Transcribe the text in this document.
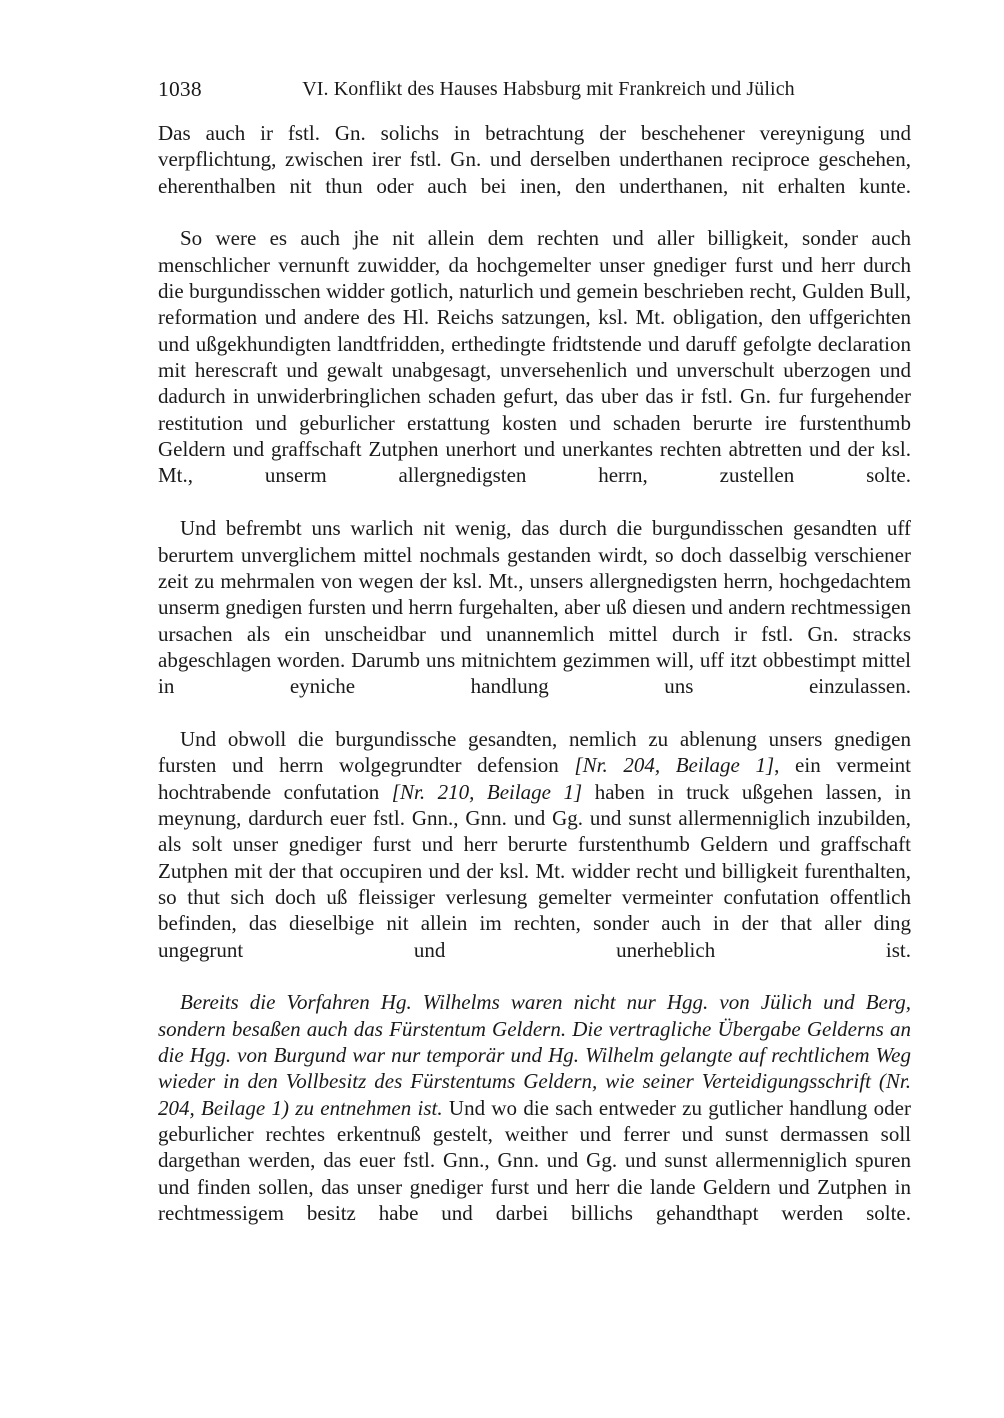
1038	VI. Konflikt des Hauses Habsburg mit Frankreich und Jülich

Das auch ir fstl. Gn. solichs in betrachtung der beschehener vereynigung und verpflichtung, zwischen irer fstl. Gn. und derselben underthanen reciproce geschehen, eherenthalben nit thun oder auch bei inen, den underthanen, nit erhalten kunte.

So were es auch jhe nit allein dem rechten und aller billigkeit, sonder auch menschlicher vernunft zuwidder, da hochgemelter unser gnediger furst und herr durch die burgundisschen widder gotlich, naturlich und gemein beschrieben recht, Gulden Bull, reformation und andere des Hl. Reichs satzungen, ksl. Mt. obligation, den uffgerichten und ußgekhundigten landtfridden, erthedingte fridtstende und daruff gefolgte declaration mit herescraft und gewalt unabgesagt, unversehenlich und unverschult uberzogen und dadurch in unwiderbringlichen schaden gefurt, das uber das ir fstl. Gn. fur furgehender restitution und geburlicher erstattung kosten und schaden berurte ire furstenthumb Geldern und graffschaft Zutphen unerhort und unerkantes rechten abtretten und der ksl. Mt., unserm allergnedigsten herrn, zustellen solte.

Und befrembt uns warlich nit wenig, das durch die burgundisschen gesandten uff berurtem unverglichem mittel nochmals gestanden wirdt, so doch dasselbig verschiener zeit zu mehrmalen von wegen der ksl. Mt., unsers allergnedigsten herrn, hochgedachtem unserm gnedigen fursten und herrn furgehalten, aber uß diesen und andern rechtmessigen ursachen als ein unscheidbar und unannemlich mittel durch ir fstl. Gn. stracks abgeschlagen worden. Darumb uns mitnichtem gezimmen will, uff itzt obbestimpt mittel in eyniche handlung uns einzulassen.

Und obwoll die burgundissche gesandten, nemlich zu ablenung unsers gnedigen fursten und herrn wolgegrundter defension [Nr. 204, Beilage 1], ein vermeint hochtrabende confutation [Nr. 210, Beilage 1] haben in truck ußgehen lassen, in meynung, dardurch euer fstl. Gnn., Gnn. und Gg. und sunst allermenniglich inzubilden, als solt unser gnediger furst und herr berurte furstenthumb Geldern und graffschaft Zutphen mit der that occupiren und der ksl. Mt. widder recht und billigkeit furenthalten, so thut sich doch uß fleissiger verlesung gemelter vermeinter confutation offentlich befinden, das dieselbige nit allein im rechten, sonder auch in der that aller ding ungegrunt und unerheblich ist.

Bereits die Vorfahren Hg. Wilhelms waren nicht nur Hgg. von Jülich und Berg, sondern besaßen auch das Fürstentum Geldern. Die vertragliche Übergabe Gelderns an die Hgg. von Burgund war nur temporär und Hg. Wilhelm gelangte auf rechtlichem Weg wieder in den Vollbesitz des Fürstentums Geldern, wie seiner Verteidigungsschrift (Nr. 204, Beilage 1) zu entnehmen ist. Und wo die sach entweder zu gutlicher handlung oder geburlicher rechtes erkentnuß gestelt, weither und ferrer und sunst dermassen soll dargethan werden, das euer fstl. Gnn., Gnn. und Gg. und sunst allermenniglich spuren und finden sollen, das unser gnediger furst und herr die lande Geldern und Zutphen in rechtmessigem besitz habe und darbei billichs gehandthapt werden solte.
